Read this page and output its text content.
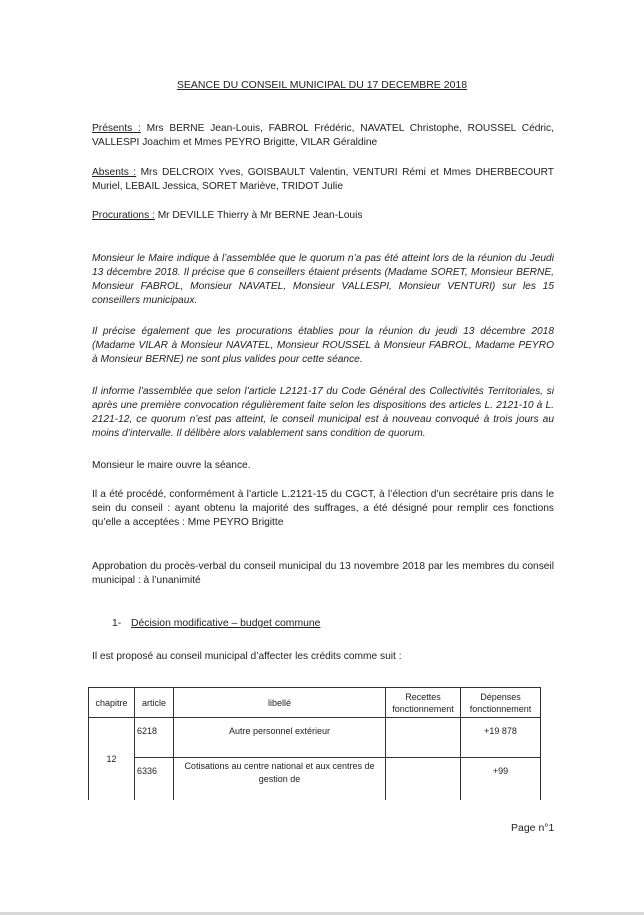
SEANCE DU CONSEIL MUNICIPAL DU 17 DECEMBRE 2018
Présents : Mrs BERNE Jean-Louis, FABROL Frédéric, NAVATEL Christophe, ROUSSEL Cédric, VALLESPI Joachim et Mmes PEYRO Brigitte, VILAR Géraldine
Absents : Mrs DELCROIX Yves, GOISBAULT Valentin, VENTURI Rémi et Mmes DHERBECOURT Muriel, LEBAIL Jessica, SORET Mariève, TRIDOT Julie
Procurations : Mr DEVILLE Thierry à Mr BERNE Jean-Louis
Monsieur le Maire indique à l’assemblée que le quorum n’a pas été atteint lors de la réunion du Jeudi 13 décembre 2018. Il précise que 6 conseillers étaient présents (Madame SORET, Monsieur BERNE, Monsieur FABROL, Monsieur NAVATEL, Monsieur VALLESPI, Monsieur VENTURI) sur les 15 conseillers municipaux.
Il précise également que les procurations établies pour la réunion du jeudi 13 décembre 2018 (Madame VILAR à Monsieur NAVATEL, Monsieur ROUSSEL à Monsieur FABROL, Madame PEYRO à Monsieur BERNE) ne sont plus valides pour cette séance.
Il informe l’assemblée que selon l’article L2121-17 du Code Général des Collectivités Territoriales, si après une première convocation régulièrement faite selon les dispositions des articles L. 2121-10 à L. 2121-12, ce quorum n’est pas atteint, le conseil municipal est à nouveau convoqué à trois jours au moins d’intervalle. Il délibère alors valablement sans condition de quorum.
Monsieur le maire ouvre la séance.
Il a été procédé, conformément à l’article L.2121-15 du CGCT, à l’élection d’un secrétaire pris dans le sein du conseil : ayant obtenu la majorité des suffrages, a été désigné pour remplir ces fonctions qu’elle a acceptées : Mme PEYRO Brigitte
Approbation du procès-verbal du conseil municipal du 13 novembre 2018 par les membres du conseil municipal : à l’unanimité
1- Décision modificative – budget commune
Il est proposé au conseil municipal d’affecter les crédits comme suit :
chapitre	article	libellé	Recettes fonctionnement	Dépenses fonctionnement
12	6218	Autre personnel extérieur		+19 878
	6336	Cotisations au centre national et aux centres de gestion de		+99
Page n°1
